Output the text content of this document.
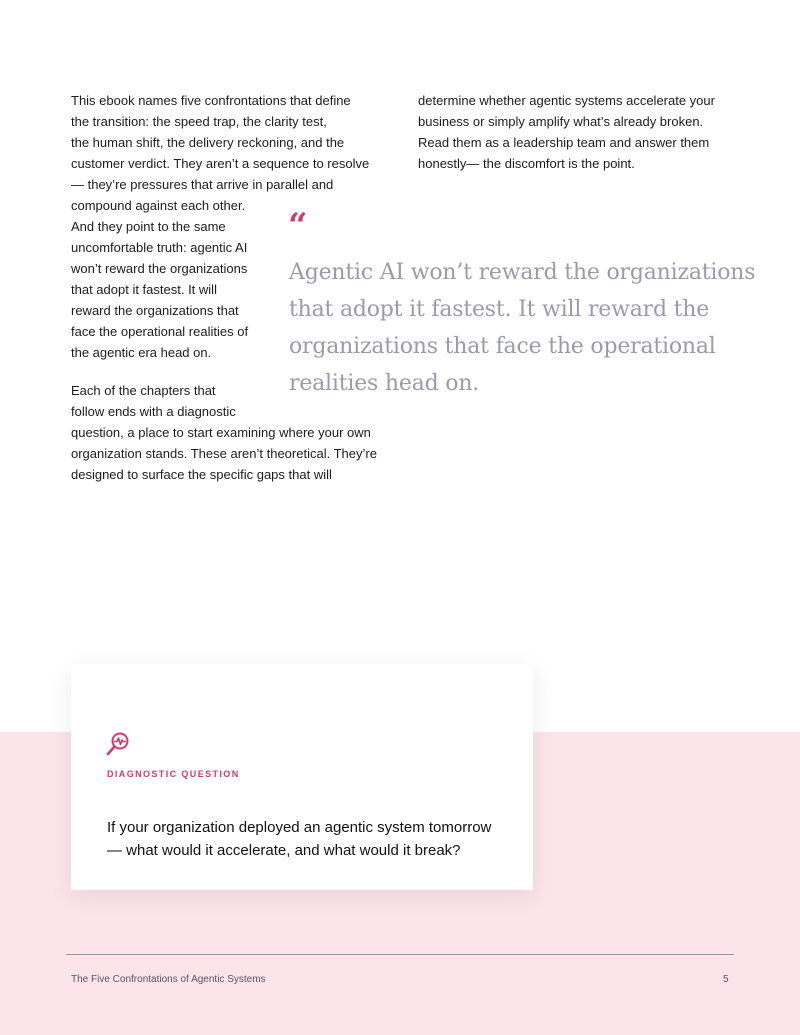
This ebook names five confrontations that define

the transition: the speed trap, the clarity test,

the human shift, the delivery reckoning, and the

customer verdict. They aren’t a sequence to resolve

— they’re pressures that arrive in parallel and

compound against each other.

And they point to the same

uncomfortable truth: agentic AI

won’t reward the organizations

that adopt it fastest. It will

reward the organizations that

face the operational realities of

the agentic era head on.

Each of the chapters that

follow ends with a diagnostic

question, a place to start examining where your own

organization stands. These aren’t theoretical. They’re

designed to surface the specific gaps that will

determine whether agentic systems accelerate your

business or simply amplify what’s already broken.

Read them as a leadership team and answer them

honestly— the discomfort is the point.

“

Agentic AI won’t reward the organizations

that adopt it fastest. It will reward the

organizations that face the operational

realities head on.

DIAGNOSTIC QUESTION

If your organization deployed an agentic system tomorrow

— what would it accelerate, and what would it break?

The Five Confrontations of Agentic Systems	5
